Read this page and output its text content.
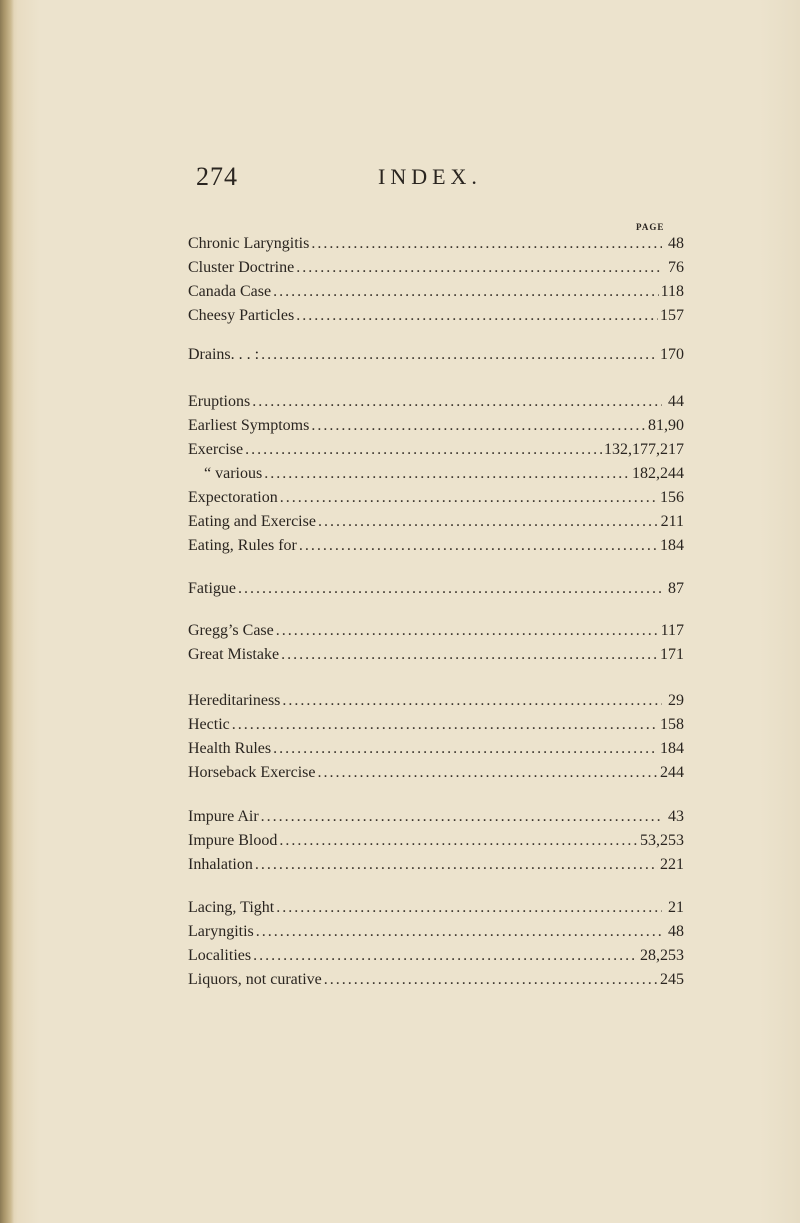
274	INDEX.
PAGE
Chronic Laryngitis . . .	48
Cluster Doctrine . . .	76
Canada Case . . .	118
Cheesy Particles . . .	157
Drains. . . : . . .	170
Eruptions . . .	44
Earliest Symptoms . . .	81,90
Exercise . . .	132,177,217
“ various . . .	182,244
Expectoration . . .	156
Eating and Exercise . . .	211
Eating, Rules for . . .	184
Fatigue . . .	87
Gregg’s Case . . .	117
Great Mistake . . .	171
Hereditariness . . .	29
Hectic . . .	158
Health Rules . . .	184
Horseback Exercise . . .	244
Impure Air . . .	43
Impure Blood . . .	53,253
Inhalation . . .	221
Lacing, Tight . . .	21
Laryngitis . . .	48
Localities . . .	28,253
Liquors, not curative . . .	245
